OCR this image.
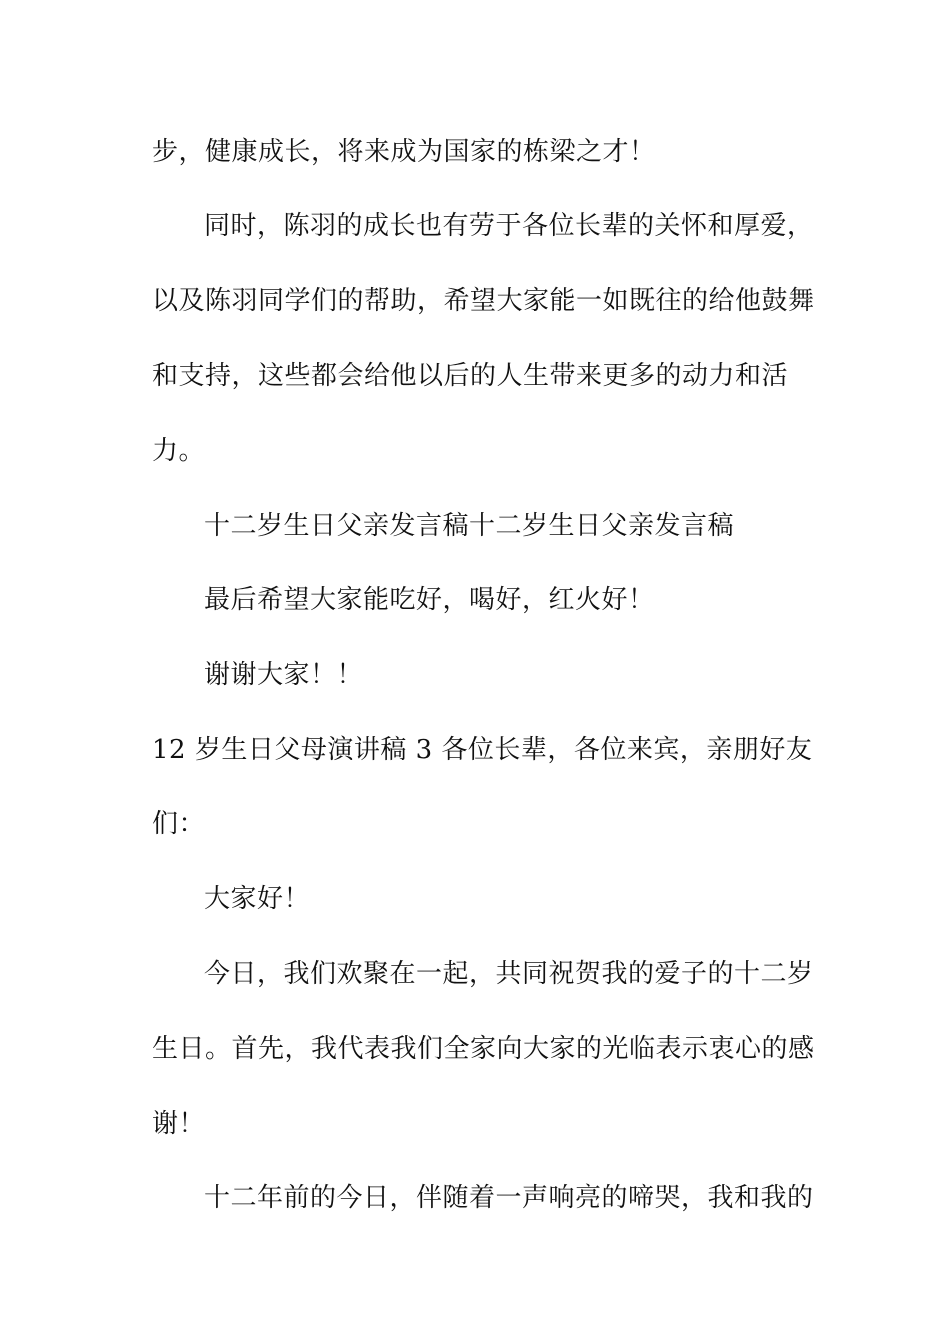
步，健康成长，将来成为国家的栋梁之才！
同时，陈羽的成长也有劳于各位长辈的关怀和厚爱，
以及陈羽同学们的帮助，希望大家能一如既往的给他鼓舞
和支持，这些都会给他以后的人生带来更多的动力和活
力。
十二岁生日父亲发言稿十二岁生日父亲发言稿
最后希望大家能吃好，喝好，红火好！
谢谢大家！！
12 岁生日父母演讲稿 3 各位长辈，各位来宾，亲朋好友
们：
大家好！
今日，我们欢聚在一起，共同祝贺我的爱子的十二岁
生日。首先，我代表我们全家向大家的光临表示衷心的感
谢！
十二年前的今日，伴随着一声响亮的啼哭，我和我的
